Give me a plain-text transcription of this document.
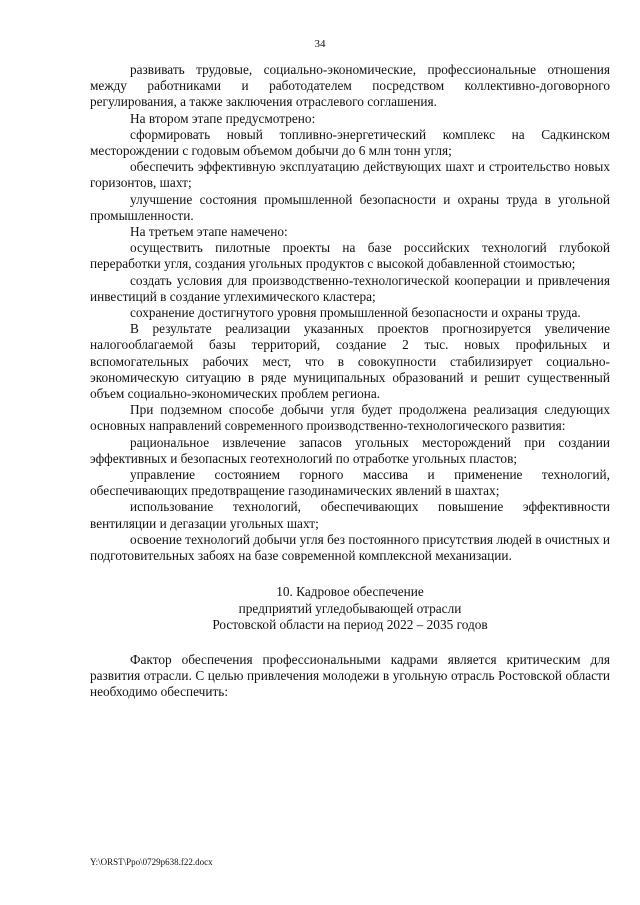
34

развивать трудовые, социально-экономические, профессиональные отношения между работниками и работодателем посредством коллективно-договорного регулирования, а также заключения отраслевого соглашения.

На втором этапе предусмотрено:

сформировать новый топливно-энергетический комплекс на Садкинском месторождении с годовым объемом добычи до 6 млн тонн угля;

обеспечить эффективную эксплуатацию действующих шахт и строительство новых горизонтов, шахт;

улучшение состояния промышленной безопасности и охраны труда в угольной промышленности.

На третьем этапе намечено:

осуществить пилотные проекты на базе российских технологий глубокой переработки угля, создания угольных продуктов с высокой добавленной стоимостью;

создать условия для производственно-технологической кооперации и привлечения инвестиций в создание углехимического кластера;

сохранение достигнутого уровня промышленной безопасности и охраны труда.

В результате реализации указанных проектов прогнозируется увеличение налогооблагаемой базы территорий, создание 2 тыс. новых профильных и вспомогательных рабочих мест, что в совокупности стабилизирует социально-экономическую ситуацию в ряде муниципальных образований и решит существенный объем социально-экономических проблем региона.

При подземном способе добычи угля будет продолжена реализация следующих основных направлений современного производственно-технологического развития:

рациональное извлечение запасов угольных месторождений при создании эффективных и безопасных геотехнологий по отработке угольных пластов;

управление состоянием горного массива и применение технологий, обеспечивающих предотвращение газодинамических явлений в шахтах;

использование технологий, обеспечивающих повышение эффективности вентиляции и дегазации угольных шахт;

освоение технологий добычи угля без постоянного присутствия людей в очистных и подготовительных забоях на базе современной комплексной механизации.

10. Кадровое обеспечение
предприятий угледобывающей отрасли
Ростовской области на период 2022 – 2035 годов

Фактор обеспечения профессиональными кадрами является критическим для развития отрасли. С целью привлечения молодежи в угольную отрасль Ростовской области необходимо обеспечить:

Y:\ORST\Ppo\0729p638.f22.docx
